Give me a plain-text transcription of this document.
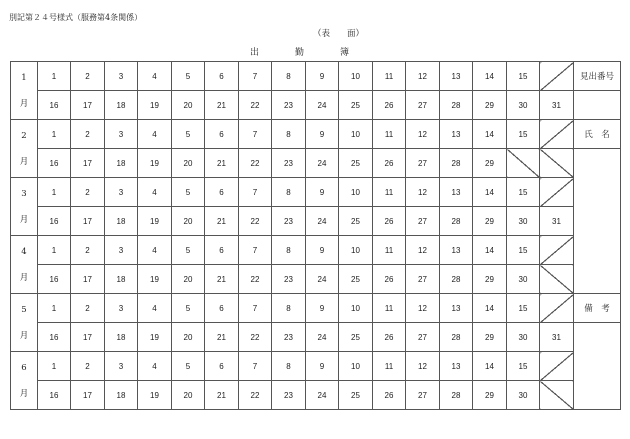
別記第２４号様式（服務第4条関係）
（表　　面）
出	勤	簿
1
月	1	2	3	4	5	6	7	8	9	10	11	12	13	14	15		見出番号
	16	17	18	19	20	21	22	23	24	25	26	27	28	29	30	31	

2
月	1	2	3	4	5	6	7	8	9	10	11	12	13	14	15		氏　名
	16	17	18	19	20	21	22	23	24	25	26	27	28	29			

3
月	1	2	3	4	5	6	7	8	9	10	11	12	13	14	15		
	16	17	18	19	20	21	22	23	24	25	26	27	28	29	30	31	

4
月	1	2	3	4	5	6	7	8	9	10	11	12	13	14	15		
	16	17	18	19	20	21	22	23	24	25	26	27	28	29	30		

5
月	1	2	3	4	5	6	7	8	9	10	11	12	13	14	15		備　考
	16	17	18	19	20	21	22	23	24	25	26	27	28	29	30	31	

6
月	1	2	3	4	5	6	7	8	9	10	11	12	13	14	15		
	16	17	18	19	20	21	22	23	24	25	26	27	28	29	30		
